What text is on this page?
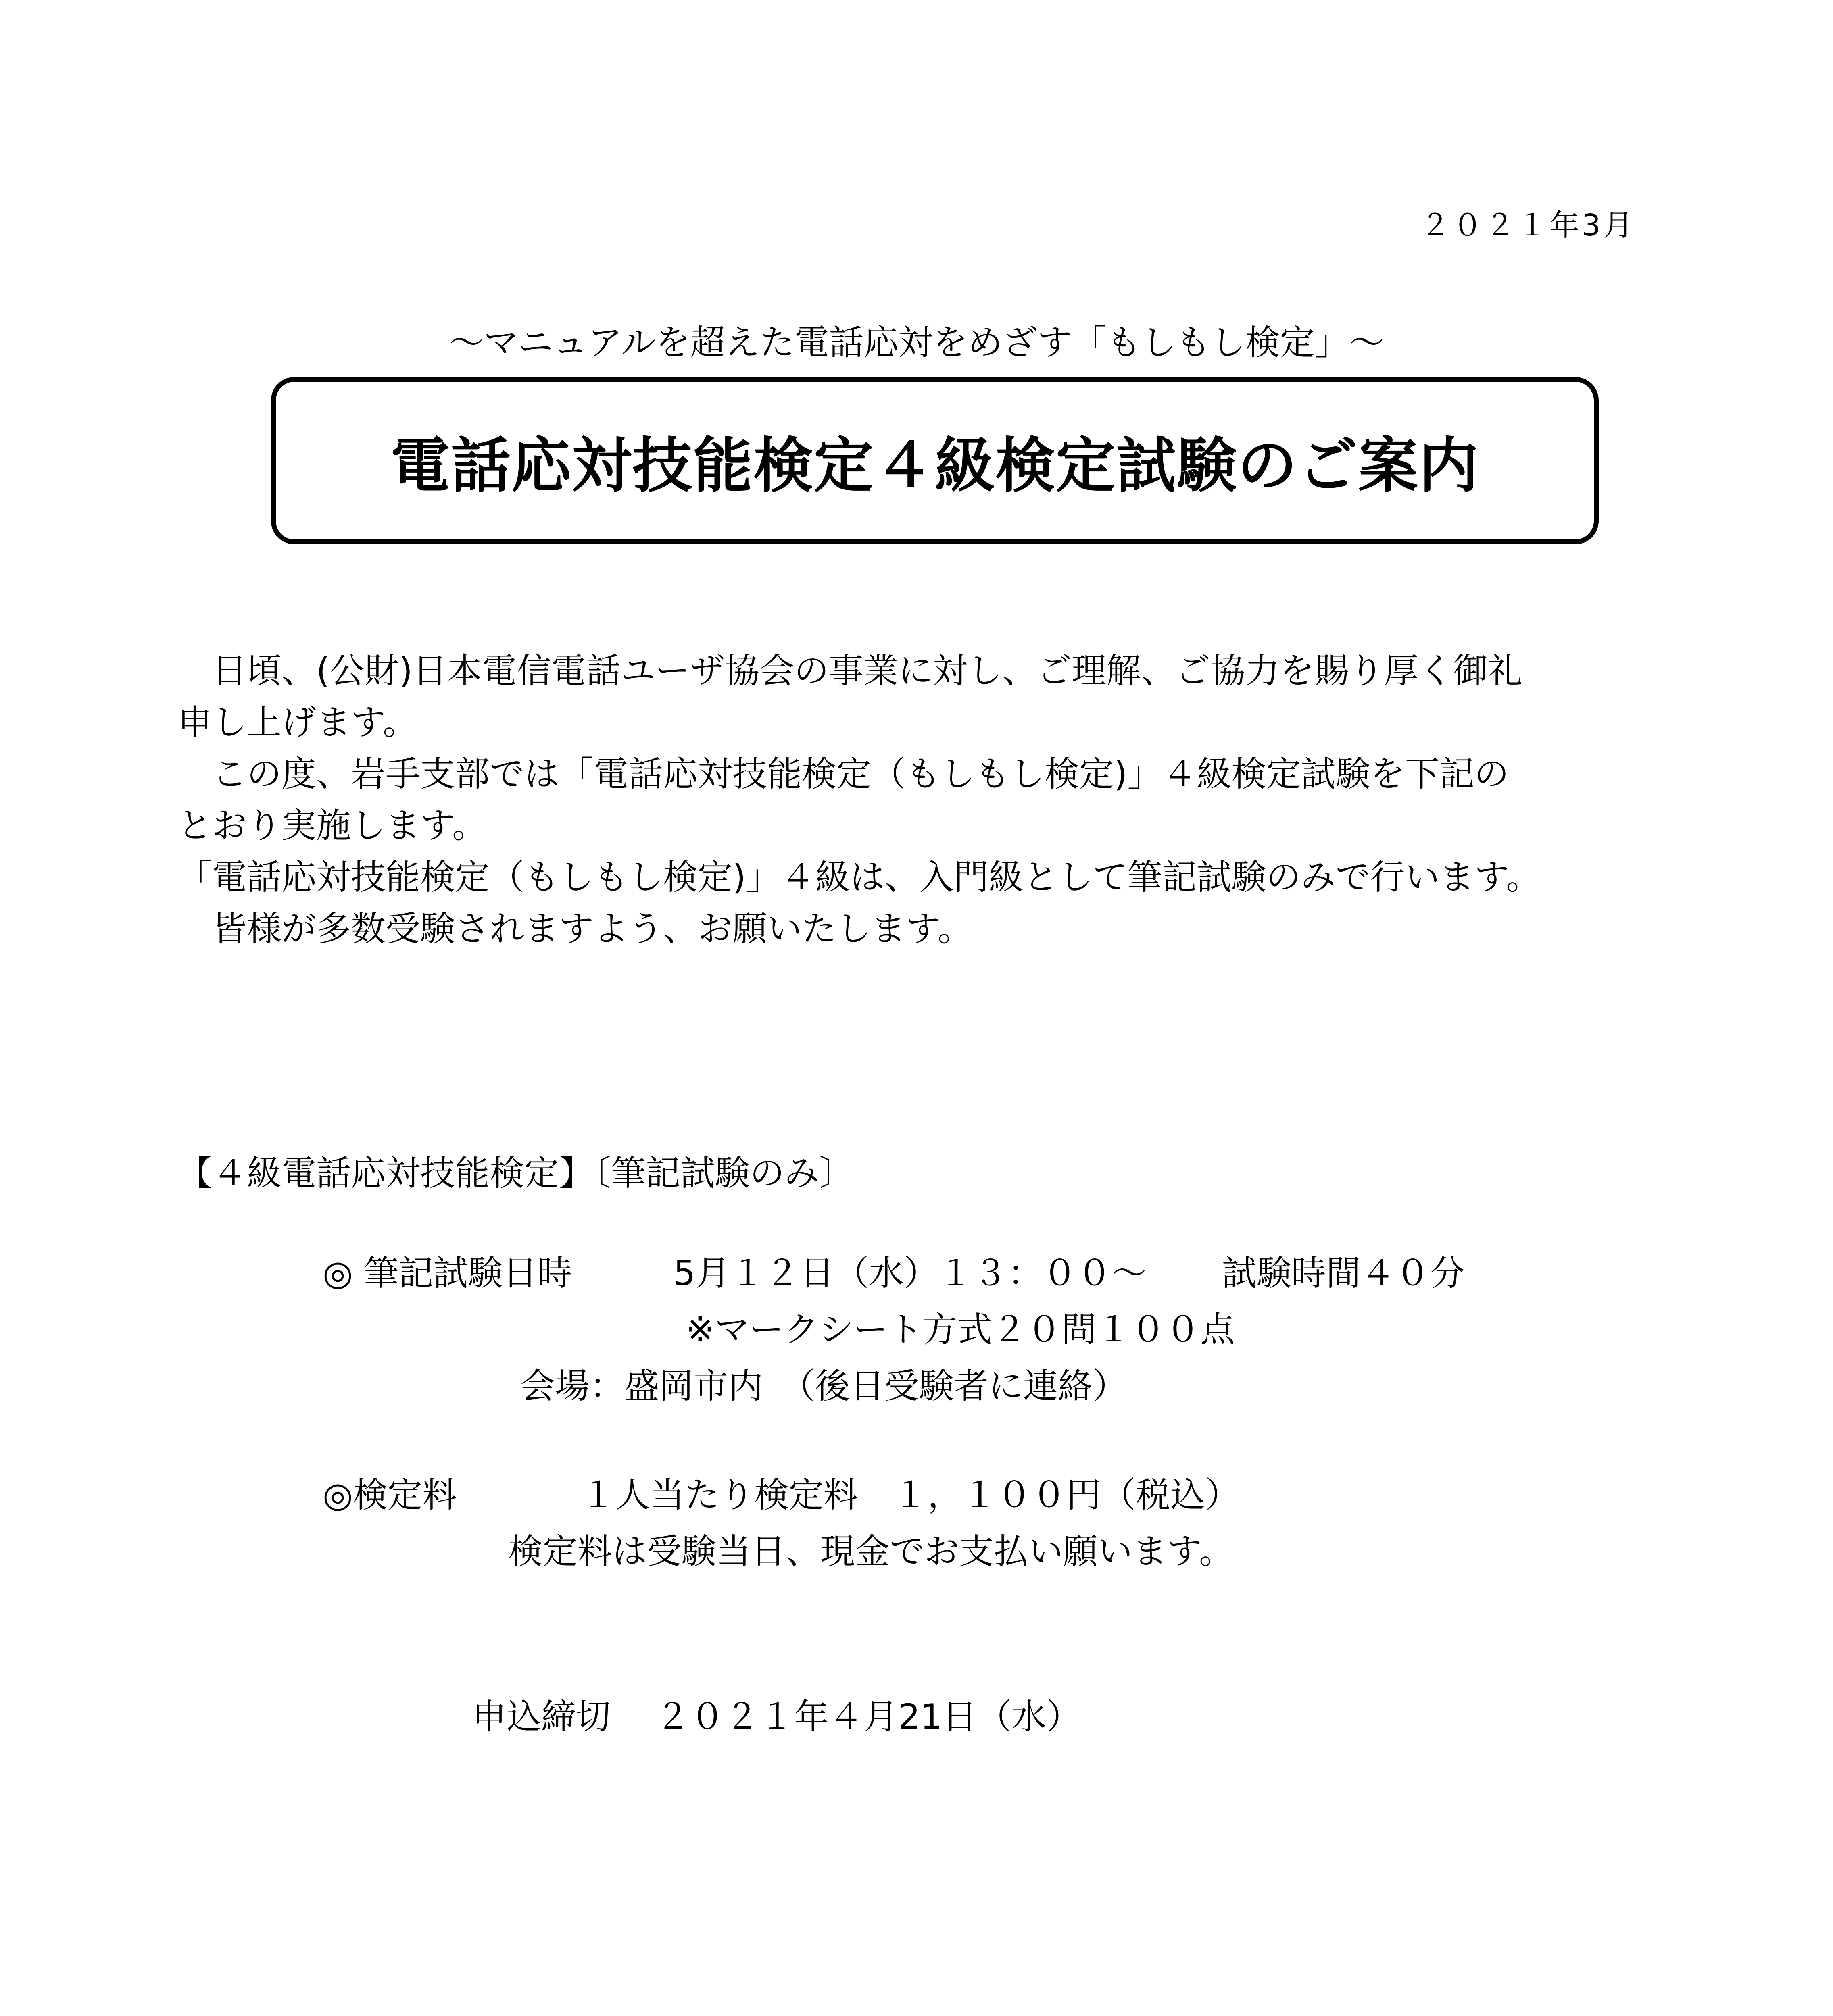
２０２１年3月
～マニュアルを超えた電話応対をめざす「もしもし検定」～
電話応対技能検定４級検定試験のご案内

　日頃、(公財)日本電信電話ユーザ協会の事業に対し、ご理解、ご協力を賜り厚く御礼

申し上げます。

　この度、岩手支部では「電話応対技能検定（もしもし検定)」４級検定試験を下記の

とおり実施します。

「電話応対技能検定（もしもし検定)」４級は、入門級として筆記試験のみで行います。

　皆様が多数受験されますよう、お願いたします。

【４級電話応対技能検定】〔筆記試験のみ〕
◎ 筆記試験日時	5月１２日（水）１３：００～ 試験時間４０分
※マークシート方式２０問１００点
会場：盛岡市内　（後日受験者に連絡）
◎検定料	１人当たり検定料　１，１００円（税込）
検定料は受験当日、現金でお支払い願います。
申込締切 ２０２１年４月21日（水）
